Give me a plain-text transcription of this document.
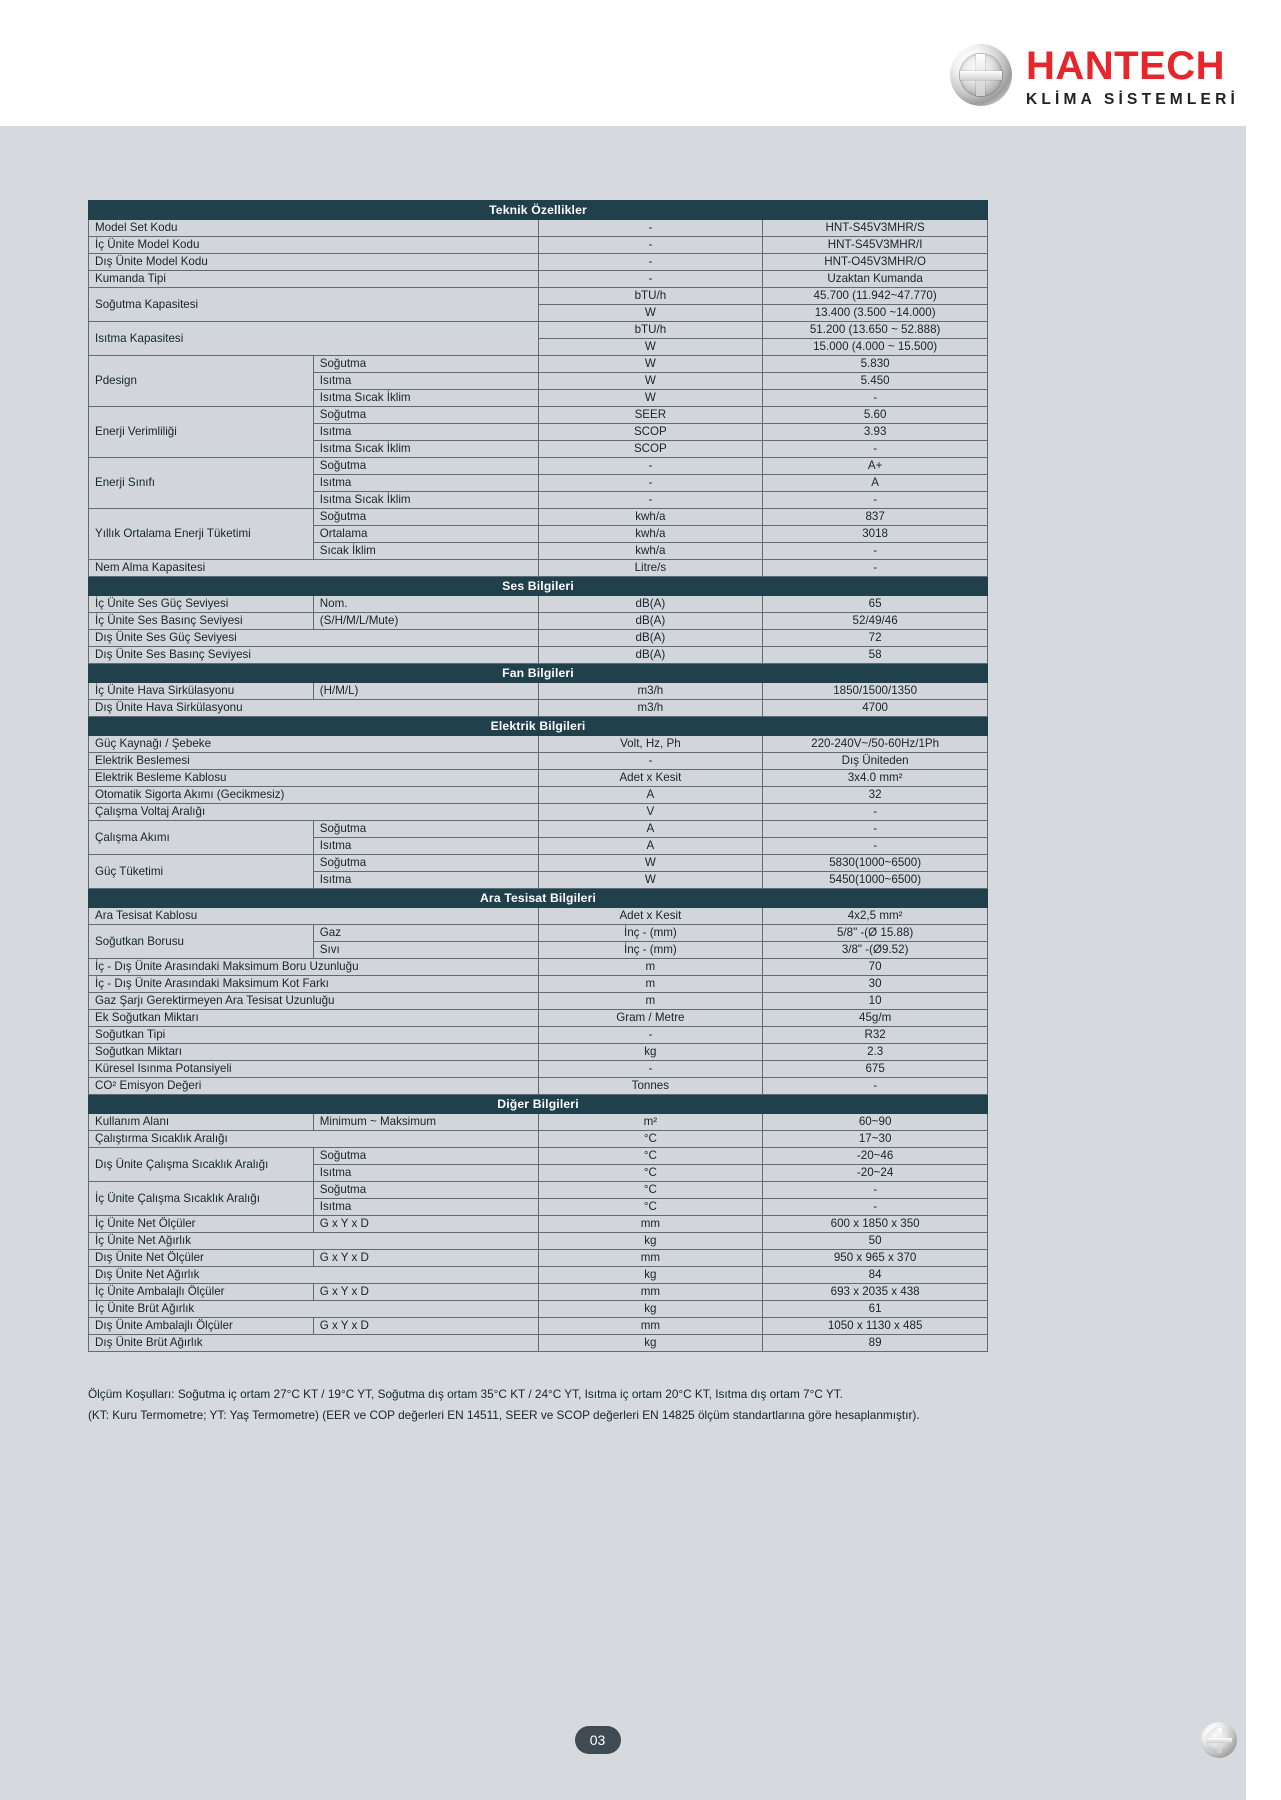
HANTECH
KLİMA SİSTEMLERİ
Teknik Özellikler			
Model Set Kodu		-	HNT-S45V3MHR/S
İç Ünite Model Kodu		-	HNT-S45V3MHR/I
Dış Ünite Model Kodu		-	HNT-O45V3MHR/O
Kumanda Tipi		-	Uzaktan Kumanda
Soğutma Kapasitesi		bTU/h	45.700 (11.942~47.770)
		W	13.400 (3.500 ~14.000)
Isıtma Kapasitesi		bTU/h	51.200 (13.650 ~ 52.888)
		W	15.000 (4.000 ~ 15.500)
Pdesign	Soğutma	W	5.830
	Isıtma	W	5.450
	Isıtma Sıcak İklim	W	-
Enerji Verimliliği	Soğutma	SEER	5.60
	Isıtma	SCOP	3.93
	Isıtma Sıcak İklim	SCOP	-
Enerji Sınıfı	Soğutma	-	A+
	Isıtma	-	A
	Isıtma Sıcak İklim	-	-
Yıllık Ortalama Enerji Tüketimi	Soğutma	kwh/a	837
	Ortalama	kwh/a	3018
	Sıcak İklim	kwh/a	-
Nem Alma Kapasitesi		Litre/s	-
Ses Bilgileri			
İç Ünite Ses Güç Seviyesi	Nom.	dB(A)	65
İç Ünite Ses Basınç Seviyesi	(S/H/M/L/Mute)	dB(A)	52/49/46
Dış Ünite Ses Güç Seviyesi		dB(A)	72
Dış Ünite Ses Basınç Seviyesi		dB(A)	58
Fan Bilgileri			
İç Ünite Hava Sirkülasyonu	(H/M/L)	m3/h	1850/1500/1350
Dış Ünite Hava Sirkülasyonu		m3/h	4700
Elektrik Bilgileri			
Güç Kaynağı / Şebeke		Volt, Hz, Ph	220-240V~/50-60Hz/1Ph
Elektrik Beslemesi		-	Dış Üniteden
Elektrik Besleme Kablosu		Adet x Kesit	3x4.0 mm²
Otomatik Sigorta Akımı (Gecikmesiz)		A	32
Çalışma Voltaj Aralığı		V	-
Çalışma Akımı	Soğutma	A	-
	Isıtma	A	-
Güç Tüketimi	Soğutma	W	5830(1000~6500)
	Isıtma	W	5450(1000~6500)
Ara Tesisat Bilgileri			
Ara Tesisat Kablosu		Adet x Kesit	4x2,5 mm²
Soğutkan Borusu	Gaz	İnç - (mm)	5/8" -(Ø 15.88)
	Sıvı	İnç - (mm)	3/8" -(Ø9.52)
İç - Dış Ünite Arasındaki Maksimum Boru Uzunluğu		m	70
İç - Dış Ünite Arasındaki Maksimum Kot Farkı		m	30
Gaz Şarjı Gerektirmeyen Ara Tesisat Uzunluğu		m	10
Ek Soğutkan Miktarı		Gram / Metre	45g/m
Soğutkan Tipi		-	R32
Soğutkan Miktarı		kg	2.3
Küresel Isınma Potansiyeli		-	675
CO² Emisyon Değeri		Tonnes	-
Diğer Bilgileri			
Kullanım Alanı	Minimum ~ Maksimum	m²	60~90
Çalıştırma Sıcaklık Aralığı		°C	17~30
Dış Ünite Çalışma Sıcaklık Aralığı	Soğutma	°C	-20~46
	Isıtma	°C	-20~24
İç Ünite Çalışma Sıcaklık Aralığı	Soğutma	°C	-
	Isıtma	°C	-
İç Ünite Net Ölçüler	G x Y x D	mm	600 x 1850 x 350
İç Ünite Net Ağırlık		kg	50
Dış Ünite Net Ölçüler	G x Y x D	mm	950 x 965 x 370
Dış Ünite Net Ağırlık		kg	84
İç Ünite Ambalajlı Ölçüler	G x Y x D	mm	693 x 2035 x 438
İç Ünite Brüt Ağırlık		kg	61
Dış Ünite Ambalajlı Ölçüler	G x Y x D	mm	1050 x 1130 x 485
Dış Ünite Brüt Ağırlık		kg	89

Ölçüm Koşulları: Soğutma iç ortam 27°C KT / 19°C YT, Soğutma dış ortam 35°C KT / 24°C YT, Isıtma iç ortam 20°C KT, Isıtma dış ortam 7°C YT.

(KT: Kuru Termometre; YT: Yaş Termometre) (EER ve COP değerleri EN 14511, SEER ve SCOP değerleri EN 14825 ölçüm standartlarına göre hesaplanmıştır).

03
